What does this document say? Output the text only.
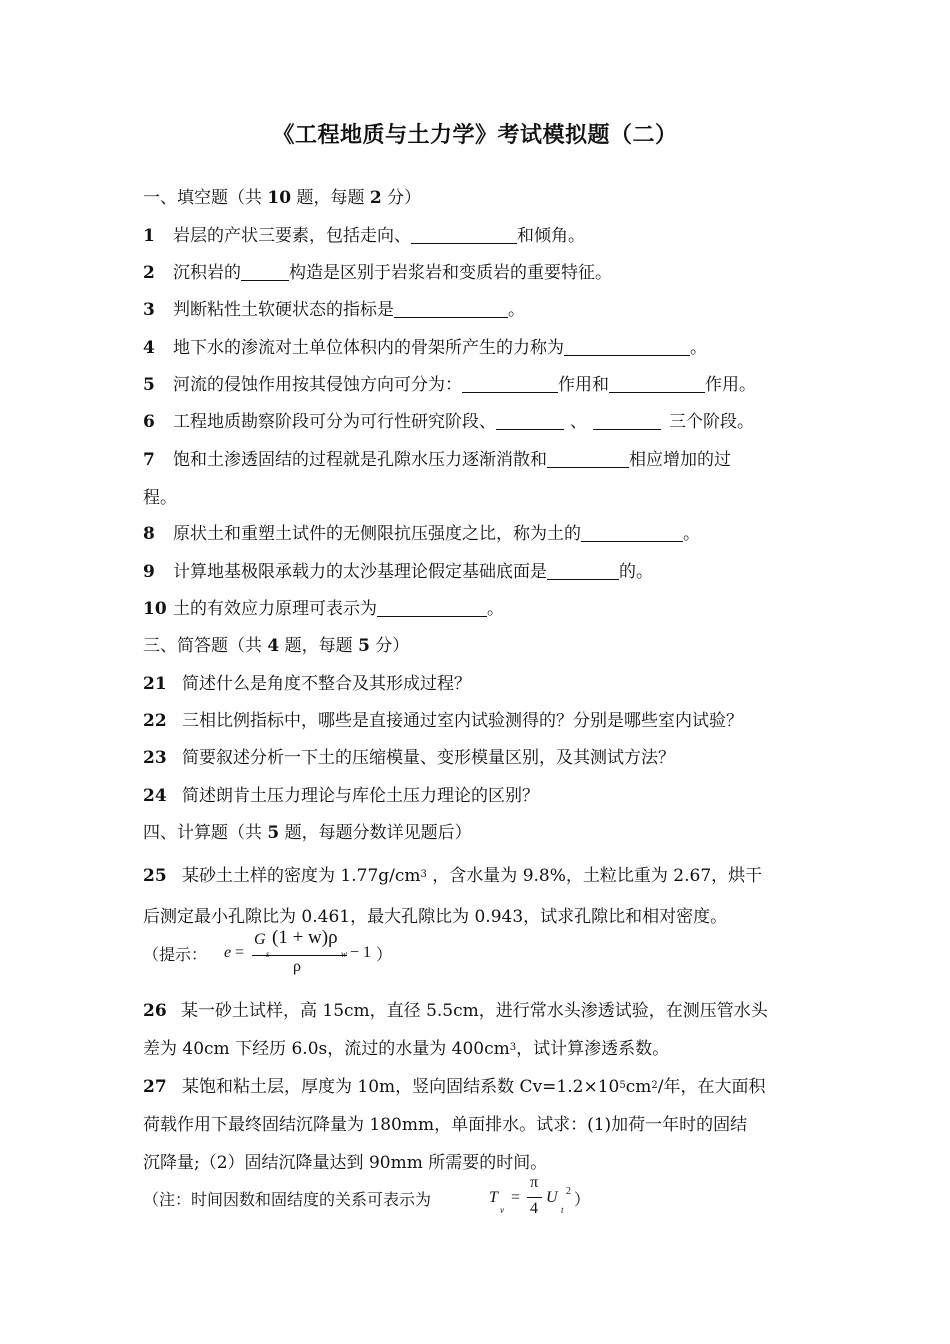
《工程地质与土力学》考试模拟题（二）
一、填空题（共 10 题，每题 2 分）
1 岩层的产状三要素，包括走向、	和倾角。
2 沉积岩的	构造是区别于岩浆岩和变质岩的重要特征。
3 判断粘性土软硬状态的指标是	。
4 地下水的渗流对土单位体积内的骨架所产生的力称为	。
5 河流的侵蚀作用按其侵蚀方向可分为：	作用和	作用。
6 工程地质勘察阶段可分为可行性研究阶段、	、	三个阶段。
7 饱和土渗透固结的过程就是孔隙水压力逐渐消散和	相应增加的过
程。
8 原状土和重塑土试件的无侧限抗压强度之比，称为土的	。
9 计算地基极限承载力的太沙基理论假定基础底面是	的。
10 土的有效应力原理可表示为	。
三、简答题（共 4 题，每题 5 分）
21 简述什么是角度不整合及其形成过程？
22 三相比例指标中，哪些是直接通过室内试验测得的？分别是哪些室内试验？
23 简要叙述分析一下土的压缩模量、变形模量区别，及其测试方法？
24 简述朗肯土压力理论与库伦土压力理论的区别？
四、计算题（共 5 题，每题分数详见题后）
25 某砂土土样的密度为 $1.77g/cm^3$ ，含水量为 9.8%，土粒比重为 2.67，烘干
后测定最小孔隙比为 0.461，最大孔隙比为 0.943，试求孔隙比和相对密度。
（提示： e =
G
s
(1 + w)ρ
w
ρ
− 1 ）
26 某一砂土试样，高 15cm，直径 5.5cm，进行常水头渗透试验，在测压管水头
差为 40cm 下经历 6.0s，流过的水量为 $400cm^3$，试计算渗透系数。
27 某饱和粘土层，厚度为 10m，竖向固结系数 $Cv=1.2\times 10^5cm^2/$年，在大面积
荷载作用下最终固结沉降量为 180mm，单面排水。试求：(1)加荷一年时的固结
沉降量;（2）固结沉降量达到 90mm 所需要的时间。
（注：时间因数和固结度的关系可表示为	T
v
=
π
4
U
t
2 ）
